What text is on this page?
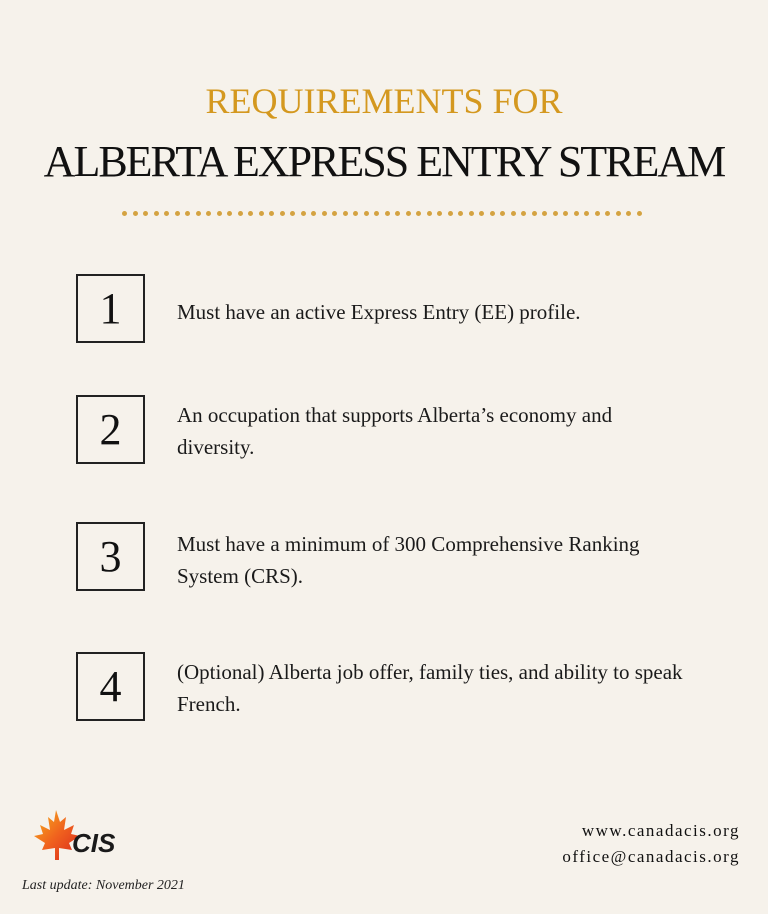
REQUIREMENTS FOR
ALBERTA EXPRESS ENTRY STREAM
1	Must have an active Express Entry (EE) profile.
2	An occupation that supports Alberta’s economy and diversity.
3	Must have a minimum of 300 Comprehensive Ranking System (CRS).
4	(Optional) Alberta job offer, family ties, and ability to speak French.
CIS	www.canadacis.org
office@canadacis.org
Last update: November 2021
